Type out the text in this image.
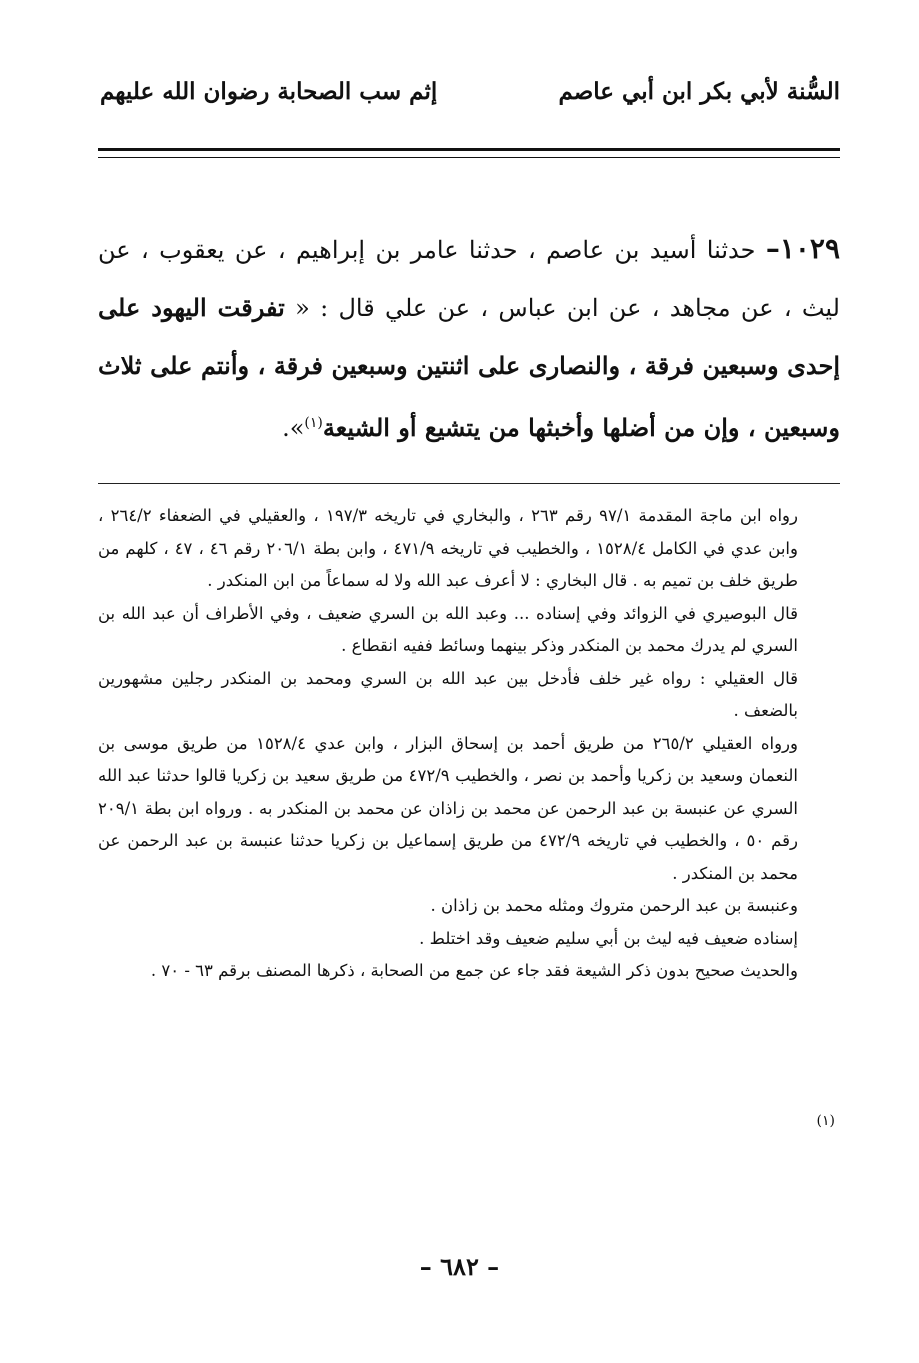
السُّنة لأبي بكر ابن أبي عاصم
إثم سب الصحابة رضوان الله عليهم
١٠٢٩– حدثنا أسيد بن عاصم ، حدثنا عامر بن إبراهيم ، عن يعقوب ، عن ليث ، عن مجاهد ، عن ابن عباس ، عن علي قال : « تفرقت اليهود على إحدى وسبعين فرقة ، والنصارى على اثنتين وسبعين فرقة ، وأنتم على ثلاث وسبعين ، وإن من أضلها وأخبثها من يتشيع أو الشيعة$^{(١)}$».

رواه ابن ماجة المقدمة ٩٧/١ رقم ٢٦٣ ، والبخاري في تاريخه ١٩٧/٣ ، والعقيلي في الضعفاء ٢٦٤/٢ ، وابن عدي في الكامل ١٥٢٨/٤ ، والخطيب في تاريخه ٤٧١/٩ ، وابن بطة ٢٠٦/١ رقم ٤٦ ، ٤٧ ، كلهم من طريق خلف بن تميم به . قال البخاري : لا أعرف عبد الله ولا له سماعاً من ابن المنكدر .

قال البوصيري في الزوائد وفي إسناده ... وعبد الله بن السري ضعيف ، وفي الأطراف أن عبد الله بن السري لم يدرك محمد بن المنكدر وذكر بينهما وسائط ففيه انقطاع .

قال العقيلي : رواه غير خلف فأدخل بين عبد الله بن السري ومحمد بن المنكدر رجلين مشهورين بالضعف .

ورواه العقيلي ٢٦٥/٢ من طريق أحمد بن إسحاق البزار ، وابن عدي ١٥٢٨/٤ من طريق موسى بن النعمان وسعيد بن زكريا وأحمد بن نصر ، والخطيب ٤٧٢/٩ من طريق سعيد بن زكريا قالوا حدثنا عبد الله السري عن عنبسة بن عبد الرحمن عن محمد بن زاذان عن محمد بن المنكدر به . ورواه ابن بطة ٢٠٩/١ رقم ٥٠ ، والخطيب في تاريخه ٤٧٢/٩ من طريق إسماعيل بن زكريا حدثنا عنبسة بن عبد الرحمن عن محمد بن المنكدر .

وعنبسة بن عبد الرحمن متروك ومثله محمد بن زاذان .

إسناده ضعيف فيه ليث بن أبي سليم ضعيف وقد اختلط .

والحديث صحيح بدون ذكر الشيعة فقد جاء عن جمع من الصحابة ، ذكرها المصنف برقم ٦٣ - ٧٠ .

(١)
– ٦٨٢ –
